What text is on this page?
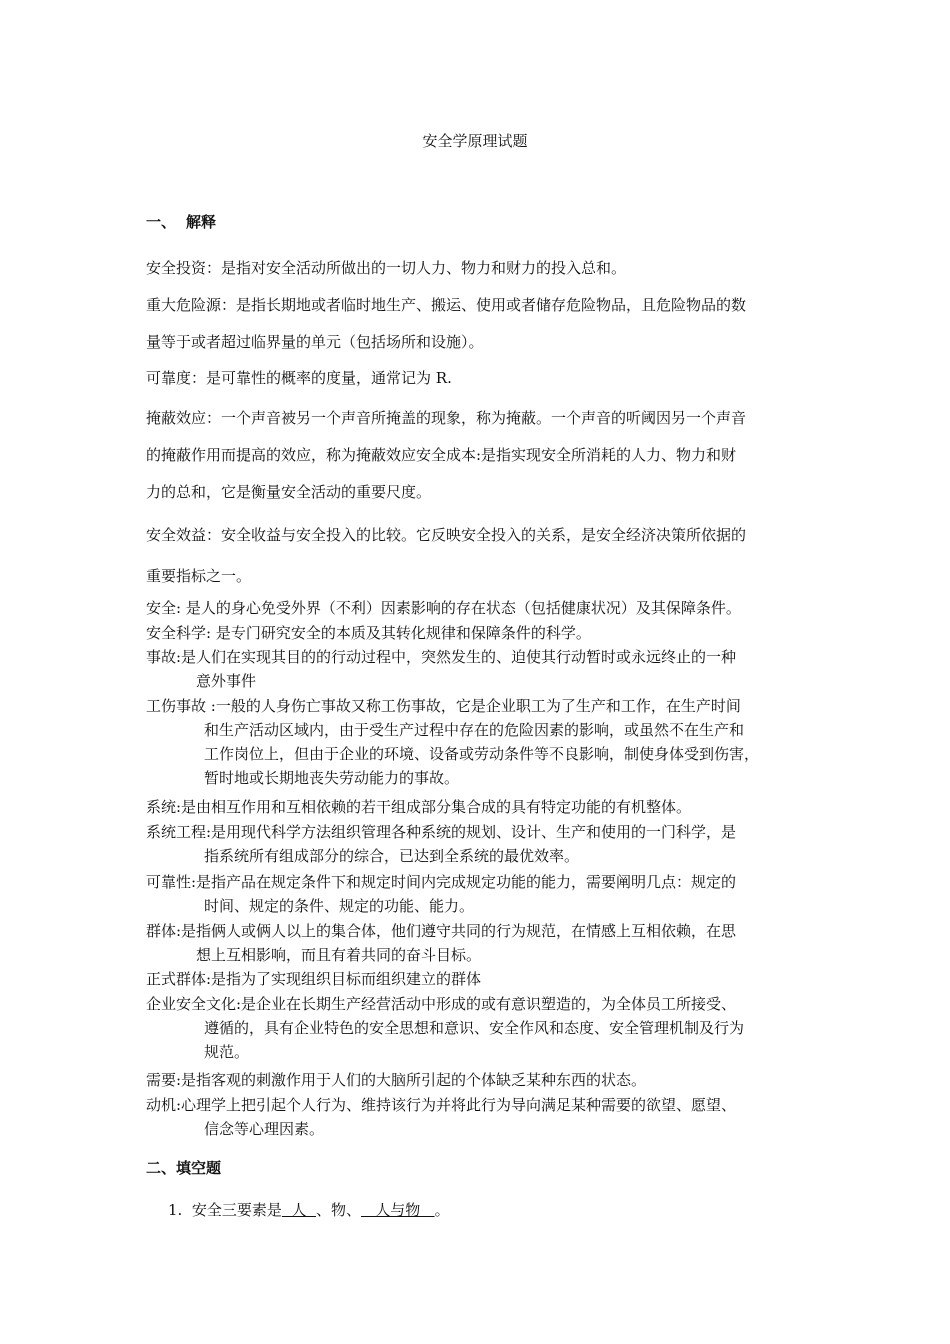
安全学原理试题
一、 解释
安全投资：是指对安全活动所做出的一切人力、物力和财力的投入总和。
重大危险源：是指长期地或者临时地生产、搬运、使用或者储存危险物品，且危险物品的数
量等于或者超过临界量的单元（包括场所和设施）。
可靠度：是可靠性的概率的度量，通常记为 R.
掩蔽效应：一个声音被另一个声音所掩盖的现象，称为掩蔽。一个声音的听阈因另一个声音
的掩蔽作用而提高的效应，称为掩蔽效应安全成本:是指实现安全所消耗的人力、物力和财
力的总和，它是衡量安全活动的重要尺度。
安全效益：安全收益与安全投入的比较。它反映安全投入的关系，是安全经济决策所依据的
重要指标之一。
安全: 是人的身心免受外界（不利）因素影响的存在状态（包括健康状况）及其保障条件。
安全科学: 是专门研究安全的本质及其转化规律和保障条件的科学。
事故:是人们在实现其目的的行动过程中，突然发生的、迫使其行动暂时或永远终止的一种
意外事件
工伤事故 :一般的人身伤亡事故又称工伤事故，它是企业职工为了生产和工作，在生产时间
和生产活动区域内，由于受生产过程中存在的危险因素的影响，或虽然不在生产和
工作岗位上，但由于企业的环境、设备或劳动条件等不良影响，制使身体受到伤害，
暂时地或长期地丧失劳动能力的事故。
系统:是由相互作用和互相依赖的若干组成部分集合成的具有特定功能的有机整体。
系统工程:是用现代科学方法组织管理各种系统的规划、设计、生产和使用的一门科学，是
指系统所有组成部分的综合，已达到全系统的最优效率。
可靠性:是指产品在规定条件下和规定时间内完成规定功能的能力，需要阐明几点：规定的
时间、规定的条件、规定的功能、能力。
群体:是指俩人或俩人以上的集合体，他们遵守共同的行为规范，在情感上互相依赖，在思
想上互相影响，而且有着共同的奋斗目标。
正式群体:是指为了实现组织目标而组织建立的群体
企业安全文化:是企业在长期生产经营活动中形成的或有意识塑造的，为全体员工所接受、
遵循的，具有企业特色的安全思想和意识、安全作风和态度、安全管理机制及行为
规范。
需要:是指客观的刺激作用于人们的大脑所引起的个体缺乏某种东西的状态。
动机:心理学上把引起个人行为、维持该行为并将此行为导向满足某种需要的欲望、愿望、
信念等心理因素。
二、填空题
1. 安全三要素是  人  、物、   人与物   。
